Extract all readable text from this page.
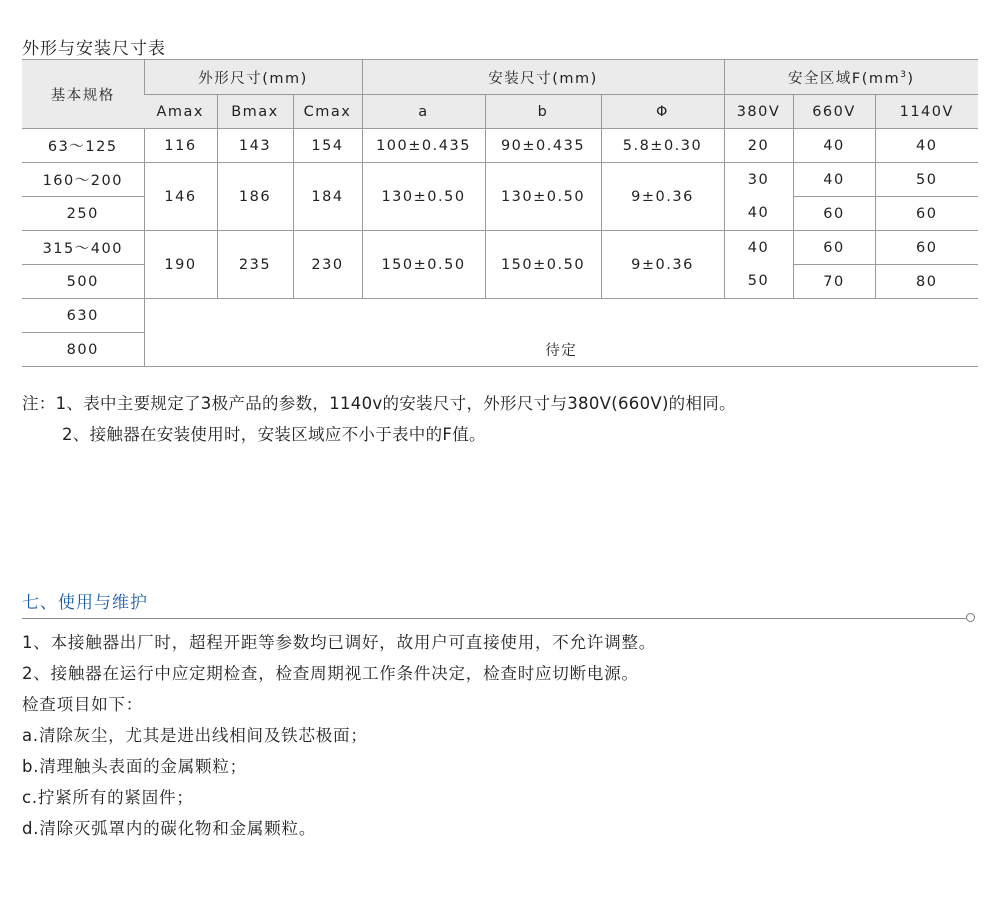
外形与安装尺寸表
基本规格	外形尺寸(mm)			安装尺寸(mm)			安全区域$F(mm^3)$		
	Amax	Bmax	Cmax	a	b	Φ	380V	660V	1140V
63～125	116	143	154	100±0.435	90±0.435	5.8±0.30	20	40	40
160～200	146	186	184	130±0.50	130±0.50	9±0.36	30	40	50
250							40	60	60
315～400	190	235	230	150±0.50	150±0.50	9±0.36	40	60	60
500							50	70	80
630	待定								
800									
注：1、表中主要规定了3极产品的参数，1140v的安装尺寸，外形尺寸与380V(660V)的相同。
2、接触器在安装使用时，安装区域应不小于表中的F值。
七、使用与维护
1、本接触器出厂时，超程开距等参数均已调好，故用户可直接使用，不允许调整。
2、接触器在运行中应定期检查，检查周期视工作条件决定，检查时应切断电源。
检查项目如下：
a.清除灰尘，尤其是进出线相间及铁芯极面；
b.清理触头表面的金属颗粒；
c.拧紧所有的紧固件；
d.清除灭弧罩内的碳化物和金属颗粒。
